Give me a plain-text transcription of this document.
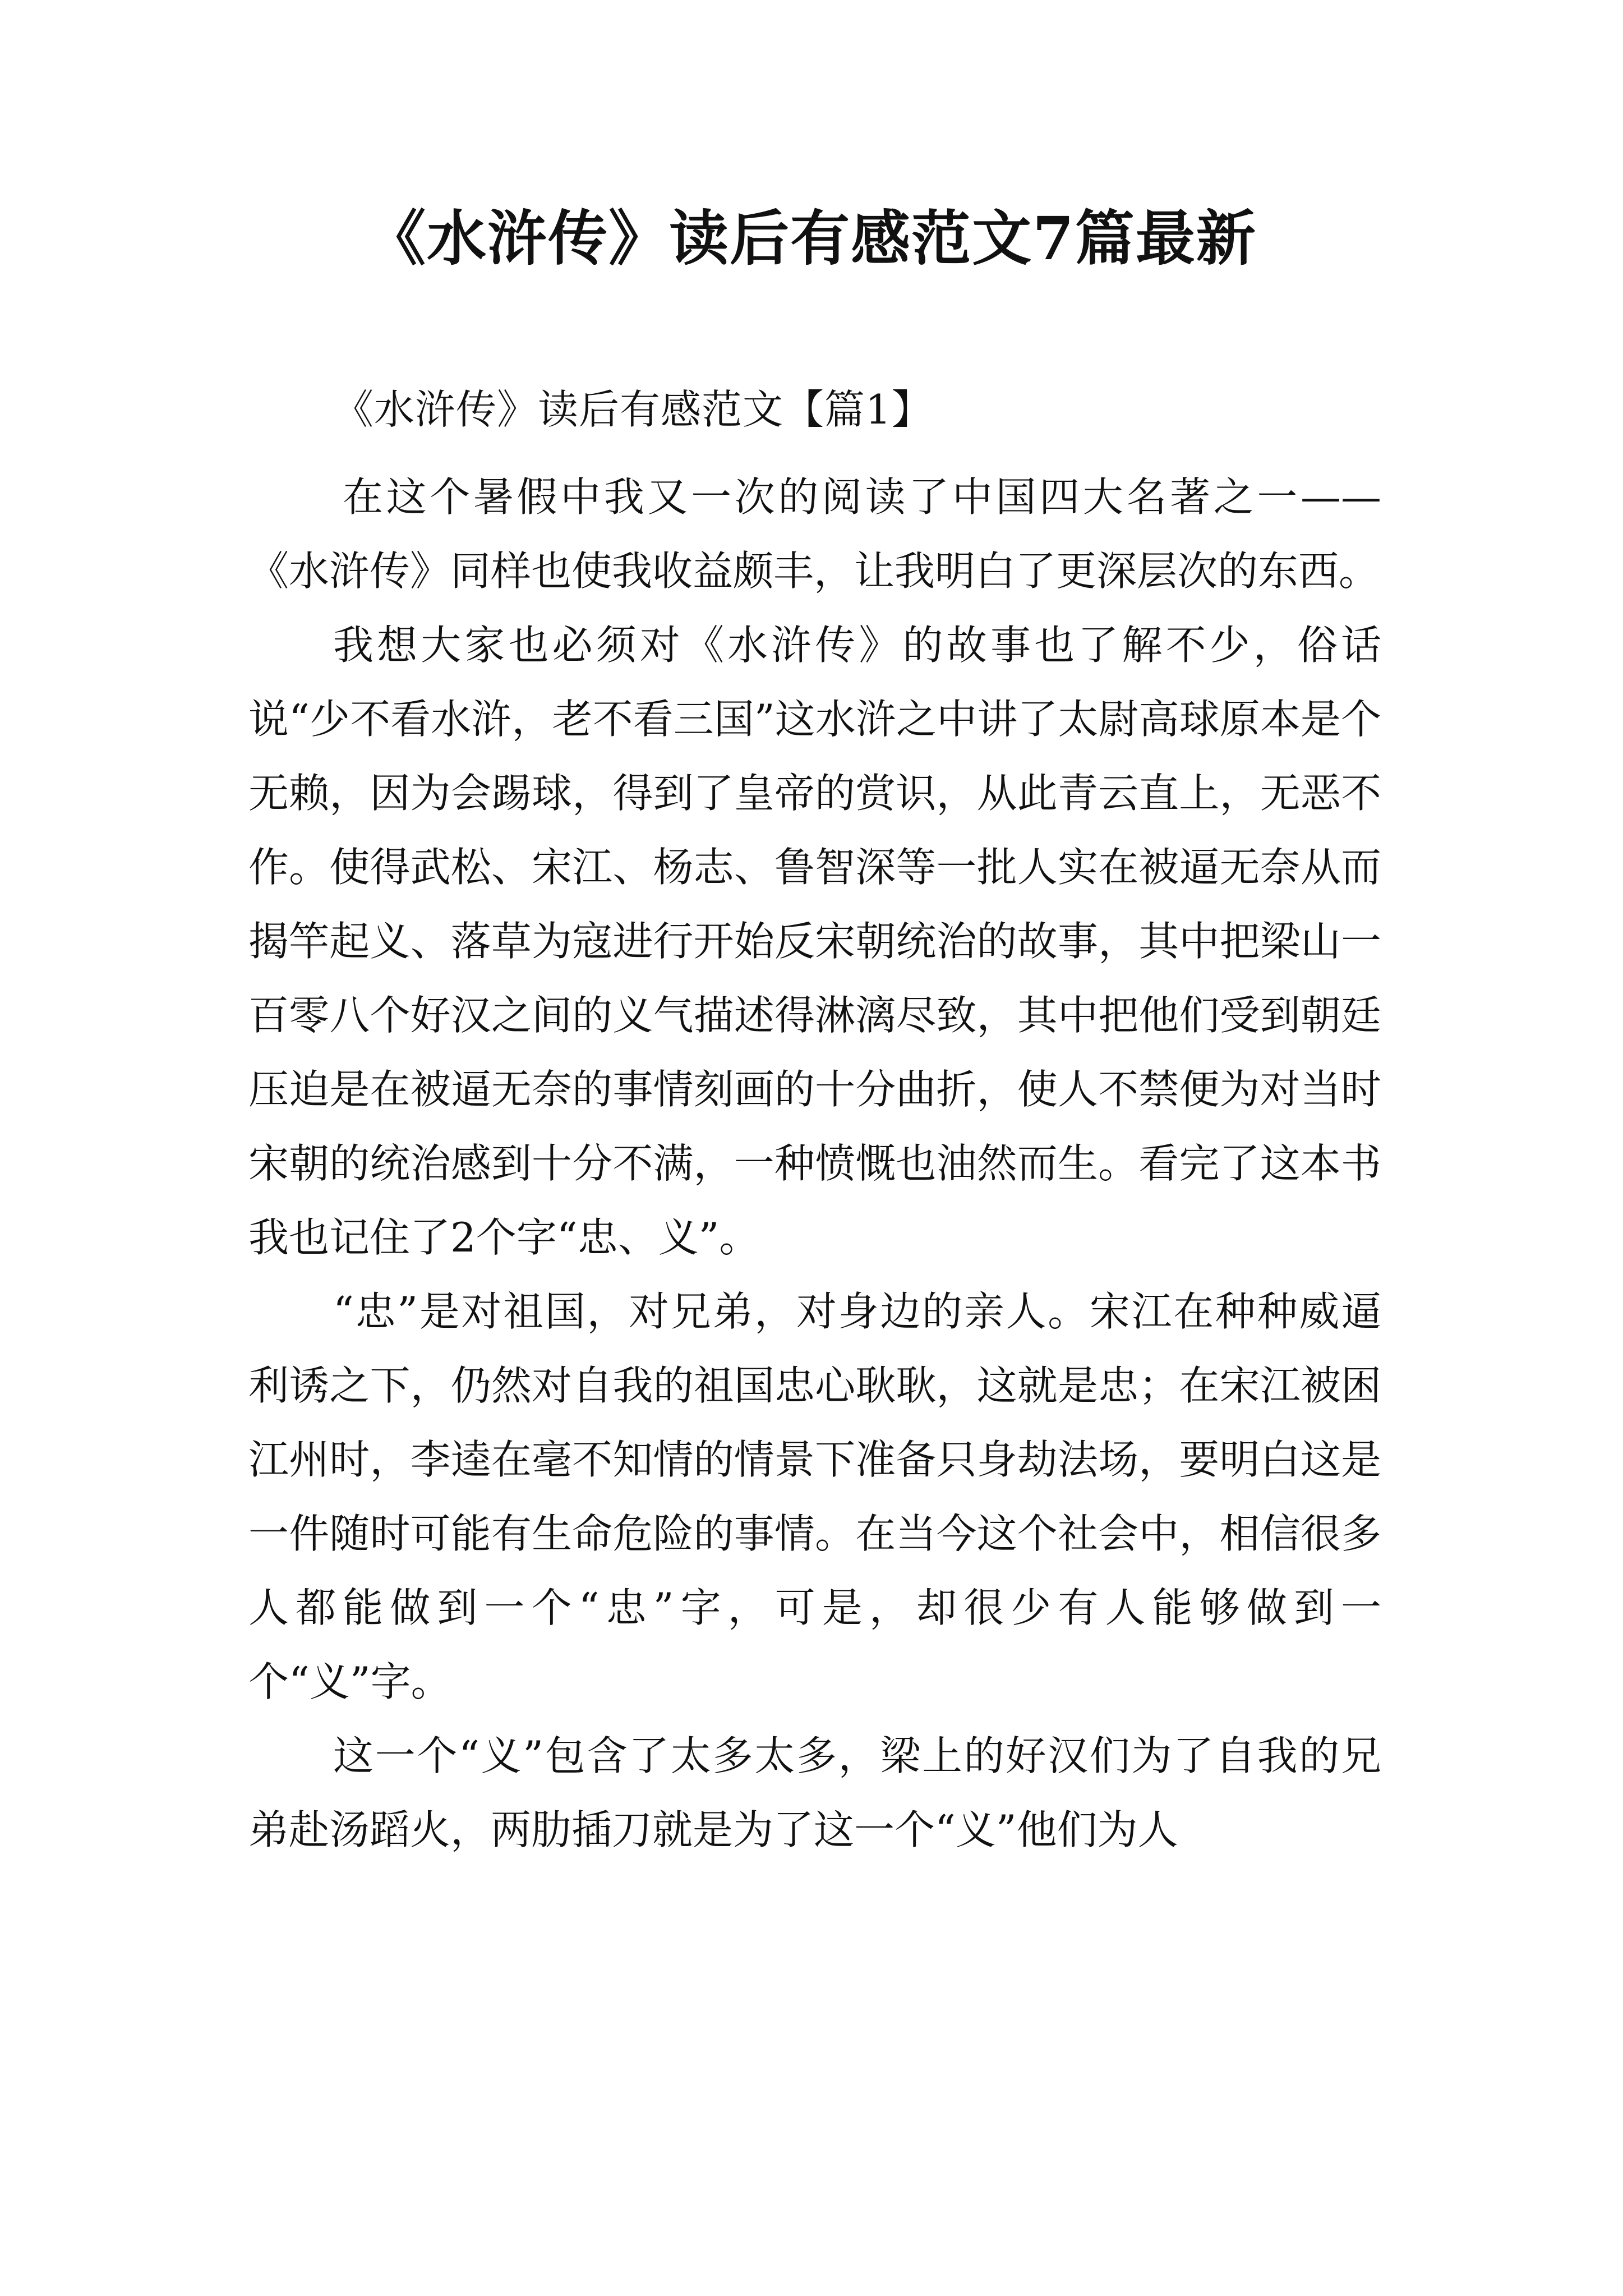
《水浒传》读后有感范文7篇最新
《水浒传》读后有感范文【篇1】

在这个暑假中我又一次的阅读了中国四大名著之一——《水浒传》同样也使我收益颇丰，让我明白了更深层次的东西。

我想大家也必须对《水浒传》的故事也了解不少，俗话说“少不看水浒，老不看三国”这水浒之中讲了太尉高球原本是个无赖，因为会踢球，得到了皇帝的赏识，从此青云直上，无恶不作。使得武松、宋江、杨志、鲁智深等一批人实在被逼无奈从而揭竿起义、落草为寇进行开始反宋朝统治的故事，其中把梁山一百零八个好汉之间的义气描述得淋漓尽致，其中把他们受到朝廷压迫是在被逼无奈的事情刻画的十分曲折，使人不禁便为对当时宋朝的统治感到十分不满，一种愤慨也油然而生。看完了这本书我也记住了2个字“忠、义”。

“忠”是对祖国，对兄弟，对身边的亲人。宋江在种种威逼利诱之下，仍然对自我的祖国忠心耿耿，这就是忠；在宋江被困江州时，李逵在毫不知情的情景下准备只身劫法场，要明白这是一件随时可能有生命危险的事情。在当今这个社会中，相信很多人都能做到一个“忠”字，可是，却很少有人能够做到一个“义”字。

这一个“义”包含了太多太多，梁上的好汉们为了自我的兄弟赴汤蹈火，两肋插刀就是为了这一个“义”他们为人
